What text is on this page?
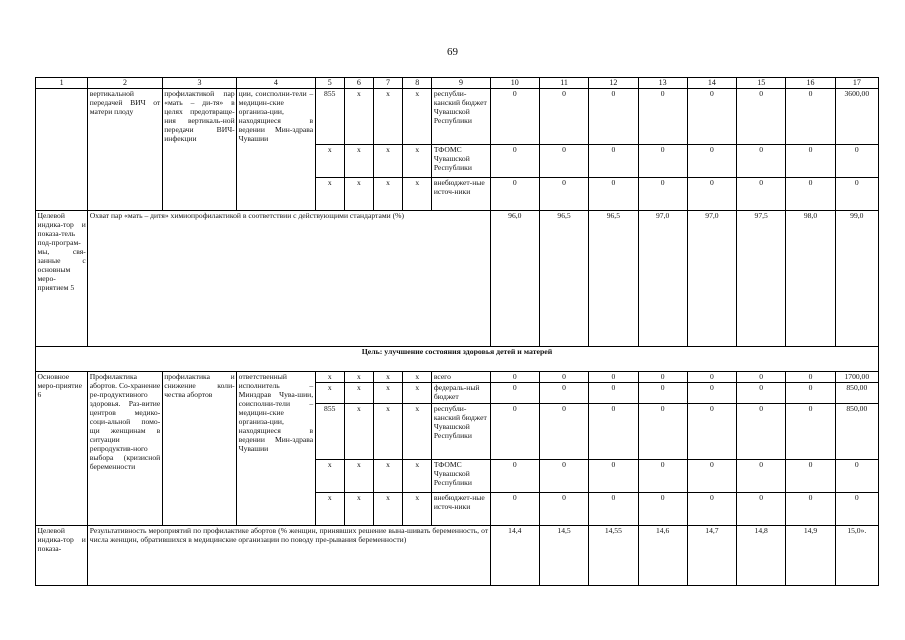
69
1	2	3	4	5	6	7	8	9	10	11	12	13	14	15	16	17
	вертикальной передачей ВИЧ от матери плоду	профилактикой пар «мать – ди-тя» в целях предотвраще-ния вертикаль-ной передачи ВИЧ-инфекции	ции, соисполни-тели – медицин-ские организа-ции, находящиеся в ведении Мин-здрава Чувашии	855	x	x	x	республи-канский бюджет Чувашской Республики	0	0	0	0	0	0	0	3600,00
				x	x	x	x	ТФОМС Чувашской Республики	0	0	0	0	0	0	0	0
				x	x	x	x	внебюджет-ные источ-ники	0	0	0	0	0	0	0	0
Целевой индика-тор и показа-тель под-програм-мы, свя-занные с основным меро-приятием 5	Охват пар «мать – дитя» химиопрофилактикой в соответствии с действующими стандартами (%)								96,0	96,5	96,5	97,0	97,0	97,5	98,0	99,0
Цель: улучшение состояния здоровья детей и матерей																
Основное меро-приятие 6	Профилактика абортов. Со-хранение ре-продуктивного здоровья. Раз-витие центров медико-соци-альной помо-щи женщинам в ситуации репродуктив-ного выбора (кризисной беременности	профилактика и снижение коли-чества абортов	ответственный исполнитель – Минздрав Чува-шии, соисполни-тели – медицин-ские организа-ции, находящиеся в ведении Мин-здрава Чувашии	x	x	x	x	всего	0	0	0	0	0	0	0	1700,00
				x	x	x	x	федераль-ный бюджет	0	0	0	0	0	0	0	850,00
				855	x	x	x	республи-канский бюджет Чувашской Республики	0	0	0	0	0	0	0	850,00
				x	x	x	x	ТФОМС Чувашской Республики	0	0	0	0	0	0	0	0
				x	x	x	x	внебюджет-ные источ-ники	0	0	0	0	0	0	0	0
Целевой индика-тор и показа-	Результативность мероприятий по профилактике абортов (% женщин, принявших решение вына-шивать беременность, от числа женщин, обратившихся в медицинские организации по поводу пре-рывания беременности)								14,4	14,5	14,55	14,6	14,7	14,8	14,9	15,0».
